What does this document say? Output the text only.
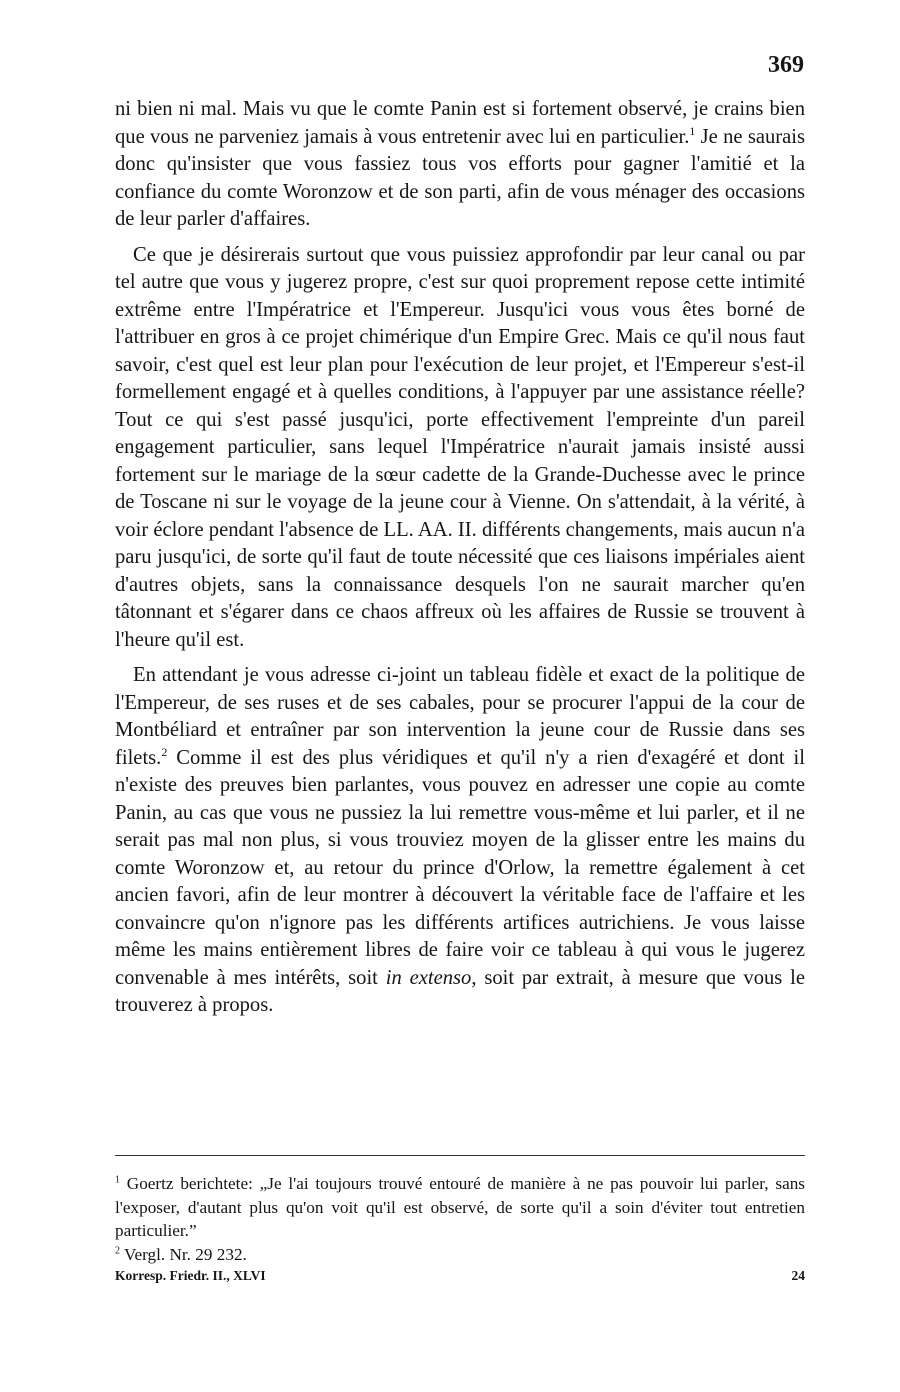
369

ni bien ni mal. Mais vu que le comte Panin est si fortement observé, je crains bien que vous ne parveniez jamais à vous entretenir avec lui en particulier.$^1$ Je ne saurais donc qu'insister que vous fassiez tous vos efforts pour gagner l'amitié et la confiance du comte Woronzow et de son parti, afin de vous ménager des occasions de leur parler d'affaires.

Ce que je désirerais surtout que vous puissiez approfondir par leur canal ou par tel autre que vous y jugerez propre, c'est sur quoi proprement repose cette intimité extrême entre l'Impératrice et l'Empereur. Jusqu'ici vous vous êtes borné de l'attribuer en gros à ce projet chimérique d'un Empire Grec. Mais ce qu'il nous faut savoir, c'est quel est leur plan pour l'exécution de leur projet, et l'Empereur s'est-il formellement engagé et à quelles conditions, à l'appuyer par une assistance réelle? Tout ce qui s'est passé jusqu'ici, porte effectivement l'empreinte d'un pareil engagement particulier, sans lequel l'Impératrice n'aurait jamais insisté aussi fortement sur le mariage de la sœur cadette de la Grande-Duchesse avec le prince de Toscane ni sur le voyage de la jeune cour à Vienne. On s'attendait, à la vérité, à voir éclore pendant l'absence de LL. AA. II. différents changements, mais aucun n'a paru jusqu'ici, de sorte qu'il faut de toute nécessité que ces liaisons impériales aient d'autres objets, sans la connaissance desquels l'on ne saurait marcher qu'en tâtonnant et s'égarer dans ce chaos affreux où les affaires de Russie se trouvent à l'heure qu'il est.

En attendant je vous adresse ci-joint un tableau fidèle et exact de la politique de l'Empereur, de ses ruses et de ses cabales, pour se procurer l'appui de la cour de Montbéliard et entraîner par son intervention la jeune cour de Russie dans ses filets.$^2$ Comme il est des plus véridiques et qu'il n'y a rien d'exagéré et dont il n'existe des preuves bien parlantes, vous pouvez en adresser une copie au comte Panin, au cas que vous ne pussiez la lui remettre vous-même et lui parler, et il ne serait pas mal non plus, si vous trouviez moyen de la glisser entre les mains du comte Woronzow et, au retour du prince d'Orlow, la remettre également à cet ancien favori, afin de leur montrer à découvert la véritable face de l'affaire et les convaincre qu'on n'ignore pas les différents artifices autrichiens. Je vous laisse même les mains entièrement libres de faire voir ce tableau à qui vous le jugerez convenable à mes intérêts, soit in extenso, soit par extrait, à mesure que vous le trouverez à propos.

$^1$ Goertz berichtete: „Je l'ai toujours trouvé entouré de manière à ne pas pouvoir lui parler, sans l'exposer, d'autant plus qu'on voit qu'il est observé, de sorte qu'il a soin d'éviter tout entretien particulier.”

$^2$ Vergl. Nr. 29 232.

Korresp. Friedr. II., XLVI	24
